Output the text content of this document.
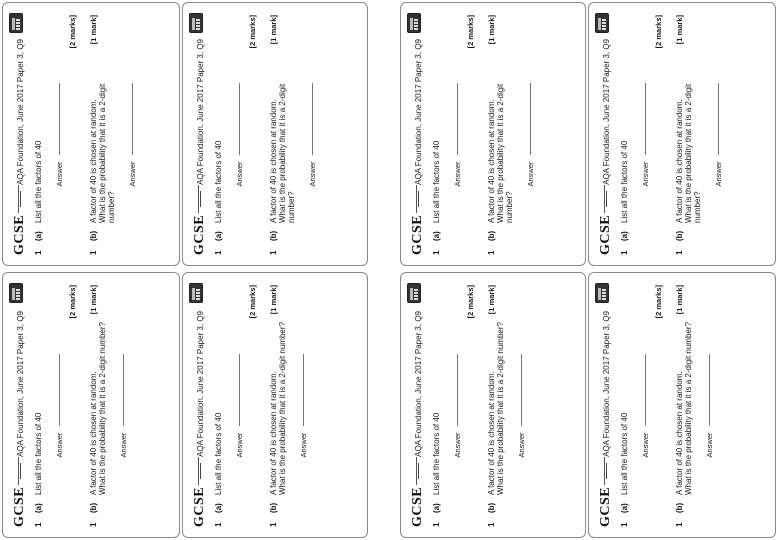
GCSE
AQA Foundation, June 2017 Paper 3, Q9
1
(a)
List all the factors of 40 Answer
[2 marks]
1
(b)
A factor of 40 is chosen at random. What is the probability that it is a 2-digit number?
[1 mark]
Answer
GCSE
AQA Foundation, June 2017 Paper 3, Q9
1
(a)
List all the factors of 40 Answer
[2 marks]
1
(b)
A factor of 40 is chosen at random. What is the probability that it is a 2-digit number?
[1 mark]
Answer
GCSE
AQA Foundation, June 2017 Paper 3, Q9
1
(a)
List all the factors of 40 Answer
[2 marks]
1
(b)
A factor of 40 is chosen at random. What is the probability that it is a 2-digit number?
[1 mark]
Answer
GCSE
AQA Foundation, June 2017 Paper 3, Q9
1
(a)
List all the factors of 40 Answer
[2 marks]
1
(b)
A factor of 40 is chosen at random. What is the probability that it is a 2-digit number?
[1 mark]
Answer
GCSE
AQA Foundation, June 2017 Paper 3, Q9
1
(a)
List all the factors of 40 Answer
[2 marks]
1
(b)
A factor of 40 is chosen at random. What is the probability that it is a 2-digit number?
[1 mark]
Answer
GCSE
AQA Foundation, June 2017 Paper 3, Q9
1
(a)
List all the factors of 40 Answer
[2 marks]
1
(b)
A factor of 40 is chosen at random. What is the probability that it is a 2-digit number?
[1 mark]
Answer
GCSE
AQA Foundation, June 2017 Paper 3, Q9
1
(a)
List all the factors of 40 Answer
[2 marks]
1
(b)
A factor of 40 is chosen at random. What is the probability that it is a 2-digit number?
[1 mark]
Answer
GCSE
AQA Foundation, June 2017 Paper 3, Q9
1
(a)
List all the factors of 40 Answer
[2 marks]
1
(b)
A factor of 40 is chosen at random. What is the probability that it is a 2-digit number?
[1 mark]
Answer
